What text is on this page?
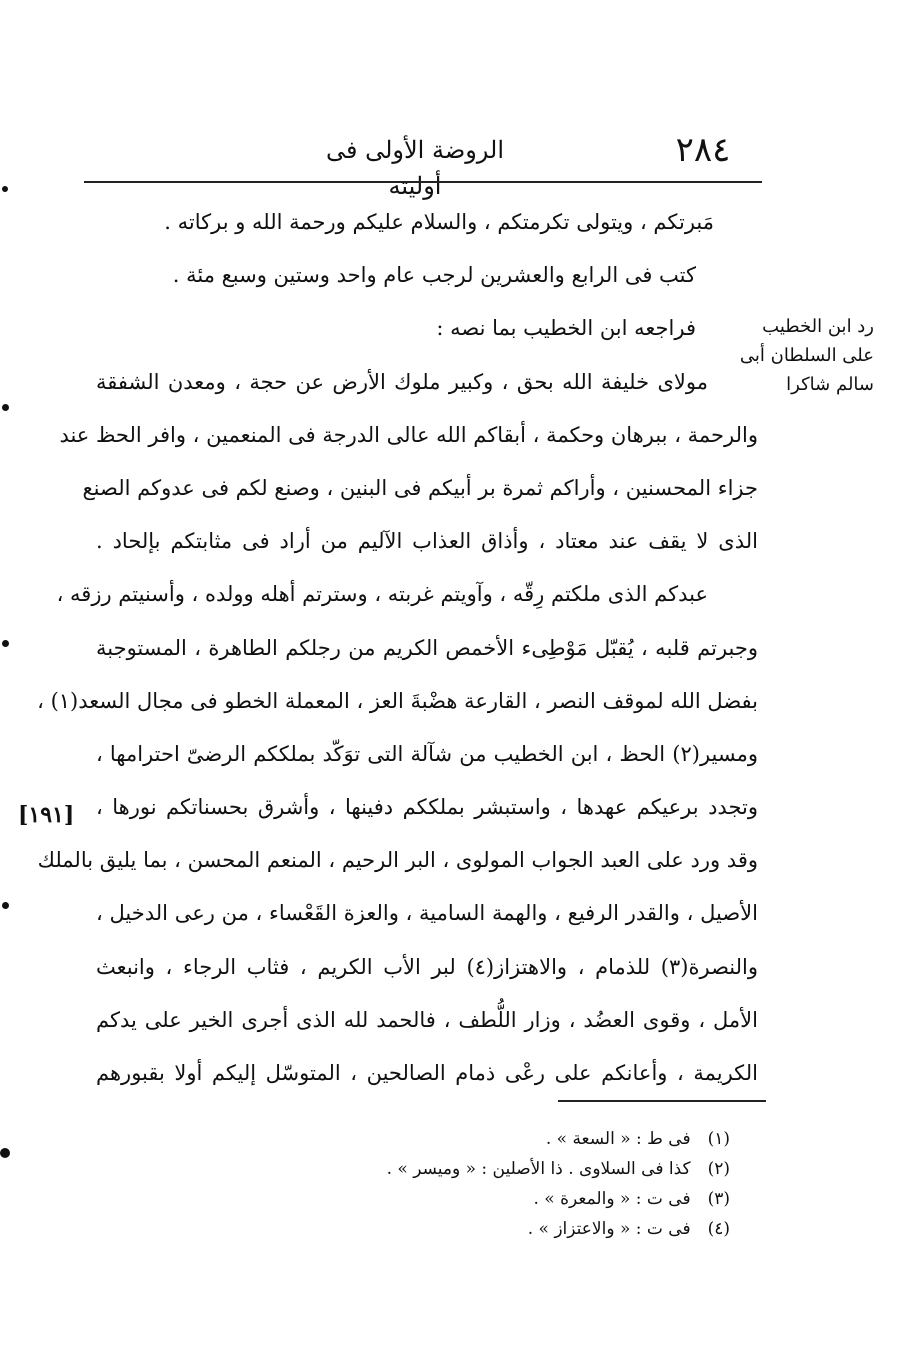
٢٨٤
الروضة الأولى فى أوليته
مَبرتكم ، ويتولى تكرمتكم ، والسلام عليكم ورحمة الله و بركاته .
كتب فى الرابع والعشرين لرجب عام واحد وستين وسبع مئة .
فراجعه ابن الخطيب بما نصه :
مولاى خليفة الله بحق ، وكبير ملوك الأرض عن حجة ، ومعدن الشفقة
والرحمة ، ببرهان وحكمة ، أبقاكم الله عالى الدرجة فى المنعمين ، وافر الحظ عند
جزاء المحسنين ، وأراكم ثمرة بر أبيكم فى البنين ، وصنع لكم فى عدوكم الصنع
الذى لا يقف عند معتاد ، وأذاق العذاب الآليم من أراد فى مثابتكم بإلحاد .
عبدكم الذى ملكتم رِقّه ، وآويتم غربته ، وسترتم أهله وولده ، وأسنيتم رزقه ،
وجبرتم قلبه ، يُقبّل مَوْطِىء الأخمص الكريم من رجلكم الطاهرة ، المستوجبة
بفضل الله لموقف النصر ، القارعة هضْبةَ العز ، المعملة الخطو فى مجال السعد(١) ،
ومسير(٢) الحظ ، ابن الخطيب من شآلة التى توَكّد بملككم الرضىّ احترامها ،
وتجدد برعيكم عهدها ، واستبشر بملككم دفينها ، وأشرق بحسناتكم نورها ،
وقد ورد على العبد الجواب المولوى ، البر الرحيم ، المنعم المحسن ، بما يليق بالملك
الأصيل ، والقدر الرفيع ، والهمة السامية ، والعزة القَعْساء ، من رعى الدخيل ،
والنصرة(٣) للذمام ، والاهتزاز(٤) لبر الأب الكريم ، فثاب الرجاء ، وانبعث
الأمل ، وقوى العضُد ، وزار اللُّطف ، فالحمد لله الذى أجرى الخير على يدكم
الكريمة ، وأعانكم على رعْى ذمام الصالحين ، المتوسّل إليكم أولا بقبورهم
رد ابن الخطيب
على السلطان أبى
سالم شاكرا
[١٩١]
(١) فى ط : « السعة » .
(٢) كذا فى السلاوى . ذا الأصلين : « وميسر » .
(٣) فى ت : « والمعرة » .
(٤) فى ت : « والاعتزاز » .
